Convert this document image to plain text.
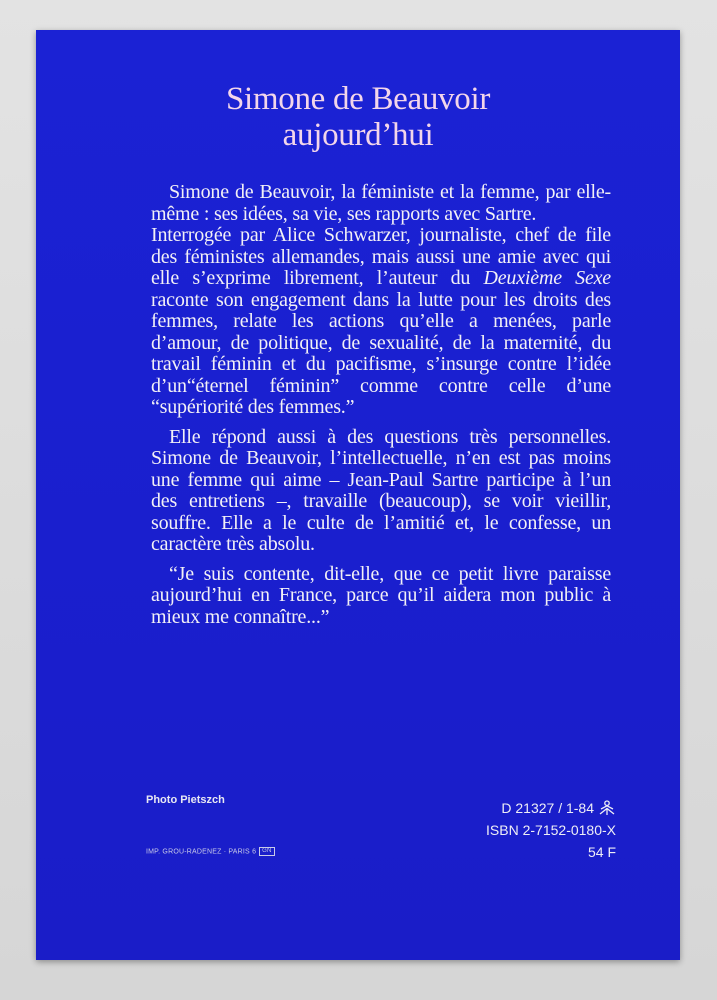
Simone de Beauvoir
aujourd’hui

Simone de Beauvoir, la féministe et la femme, par elle-même : ses idées, sa vie, ses rapports avec Sartre.

Interrogée par Alice Schwarzer, journaliste, chef de file des féministes allemandes, mais aussi une amie avec qui elle s’exprime librement, l’auteur du Deuxième Sexe raconte son engagement dans la lutte pour les droits des femmes, relate les actions qu’elle a menées, parle d’amour, de politique, de sexualité, de la maternité, du travail féminin et du pacifisme, s’insurge contre l’idée d’un“éternel féminin” comme contre celle d’une “supériorité des femmes.”

Elle répond aussi à des questions très personnelles. Simone de Beauvoir, l’intellectuelle, n’en est pas moins une femme qui aime – Jean-Paul Sartre participe à l’un des entretiens –, travaille (beaucoup), se voir vieillir, souffre. Elle a le culte de l’amitié et, le confesse, un caractère très absolu.

“Je suis contente, dit-elle, que ce petit livre paraisse aujourd’hui en France, parce qu’il aidera mon public à mieux me connaître...”

Photo Pietszch
IMP. GROU-RADENEZ · PARIS 6 GN
D 21327 / 1-84
ISBN 2-7152-0180-X
54 F
